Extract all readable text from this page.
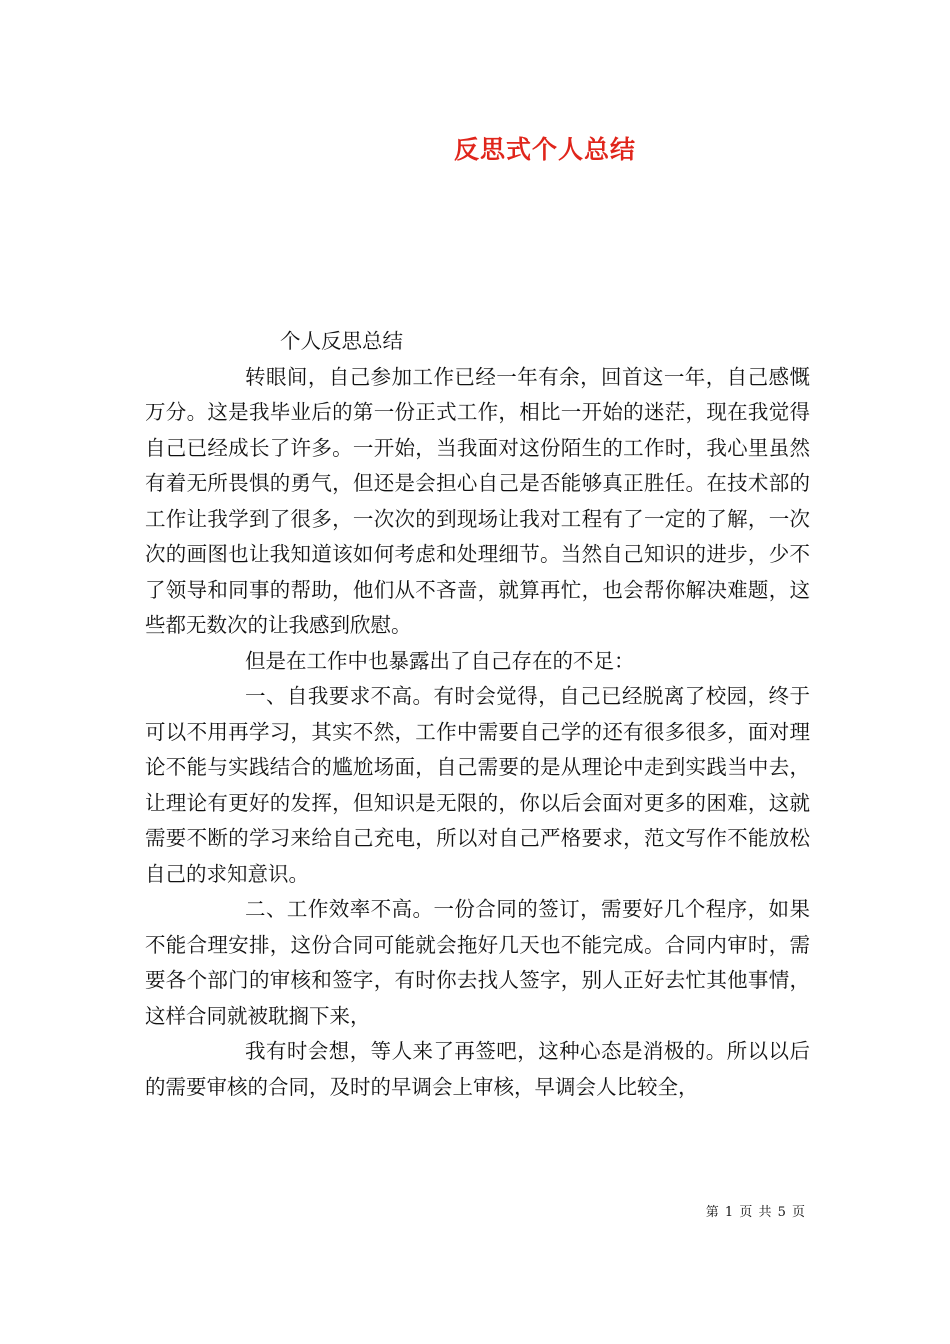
反思式个人总结

个人反思总结

转眼间，自己参加工作已经一年有余，回首这一年，自己感慨万分。这是我毕业后的第一份正式工作，相比一开始的迷茫，现在我觉得自己已经成长了许多。一开始，当我面对这份陌生的工作时，我心里虽然有着无所畏惧的勇气，但还是会担心自己是否能够真正胜任。在技术部的工作让我学到了很多，一次次的到现场让我对工程有了一定的了解，一次次的画图也让我知道该如何考虑和处理细节。当然自己知识的进步，少不了领导和同事的帮助，他们从不吝啬，就算再忙，也会帮你解决难题，这些都无数次的让我感到欣慰。

但是在工作中也暴露出了自己存在的不足：

一、自我要求不高。有时会觉得，自己已经脱离了校园，终于可以不用再学习，其实不然，工作中需要自己学的还有很多很多，面对理论不能与实践结合的尴尬场面，自己需要的是从理论中走到实践当中去，让理论有更好的发挥，但知识是无限的，你以后会面对更多的困难，这就需要不断的学习来给自己充电，所以对自己严格要求，范文写作不能放松自己的求知意识。

二、工作效率不高。一份合同的签订，需要好几个程序，如果不能合理安排，这份合同可能就会拖好几天也不能完成。合同内审时，需要各个部门的审核和签字，有时你去找人签字，别人正好去忙其他事情，这样合同就被耽搁下来，

我有时会想，等人来了再签吧，这种心态是消极的。所以以后的需要审核的合同，及时的早调会上审核，早调会人比较全，

第 1 页 共 5 页
